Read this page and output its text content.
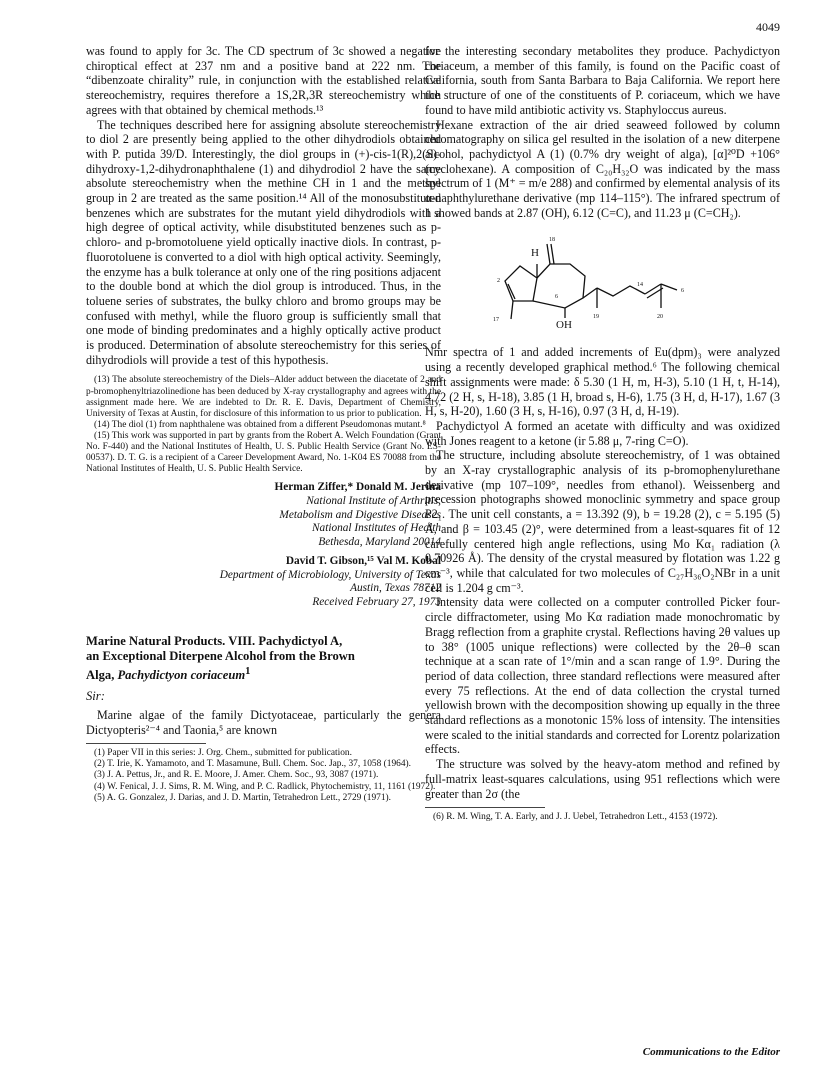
4049

was found to apply for 3c. The CD spectrum of 3c showed a negative chiroptical effect at 237 nm and a positive band at 222 nm. The “dibenzoate chirality” rule, in conjunction with the established relative stereochemistry, requires therefore a 1S,2R,3R stereochemistry which agrees with that obtained by chemical methods.¹³

The techniques described here for assigning absolute stereochemistry to diol 2 are presently being applied to the other dihydrodiols obtained with P. putida 39/D. Interestingly, the diol groups in (+)-cis-1(R),2(S)-dihydroxy-1,2-dihydronaphthalene (1) and dihydrodiol 2 have the same absolute stereochemistry when the methine CH in 1 and the methyl group in 2 are treated as the same position.¹⁴ All of the monosubstituted benzenes which are substrates for the mutant yield dihydrodiols with a high degree of optical activity, while disubstituted benzenes such as p-chloro- and p-bromotoluene yield optically inactive diols. In contrast, p-fluorotoluene is converted to a diol with high optical activity. Seemingly, the enzyme has a bulk tolerance at only one of the ring positions adjacent to the double bond at which the diol group is introduced. Thus, in the toluene series of substrates, the bulky chloro and bromo groups may be confused with methyl, while the fluoro group is sufficiently small that one mode of binding predominates and a highly optically active product is produced. Determination of absolute stereochemistry for this series of dihydrodiols will provide a test of this hypothesis.

(13) The absolute stereochemistry of the Diels–Alder adduct between the diacetate of 2 and p-bromophenyltriazolinedione has been deduced by X-ray crystallography and agrees with the assignment made here. We are indebted to Dr. R. E. Davis, Department of Chemistry, University of Texas at Austin, for disclosure of this information to us prior to publication.

(14) The diol (1) from naphthalene was obtained from a different Pseudomonas mutant.⁸

(15) This work was supported in part by grants from the Robert A. Welch Foundation (Grant No. F-440) and the National Institutes of Health, U. S. Public Health Service (Grant No. ES-00537). D. T. G. is a recipient of a Career Development Award, No. 1-K04 ES 70088 from the National Institutes of Health, U. S. Public Health Service.

Herman Ziffer,* Donald M. Jerina
National Institute of Arthritis,
Metabolism and Digestive Diseases
National Institutes of Health
Bethesda, Maryland 20014
David T. Gibson,¹⁵ Val M. Kobal
Department of Microbiology, University of Texas
Austin, Texas 78712
Received February 27, 1973
Marine Natural Products. VIII. Pachydictyol A,
an Exceptional Diterpene Alcohol from the Brown
Alga, Pachydictyon coriaceum$^1$
Sir:

Marine algae of the family Dictyotaceae, particularly the genera Dictyopteris²⁻⁴ and Taonia,⁵ are known

(1) Paper VII in this series: J. Org. Chem., submitted for publication.

(2) T. Irie, K. Yamamoto, and T. Masamune, Bull. Chem. Soc. Jap., 37, 1058 (1964).

(3) J. A. Pettus, Jr., and R. E. Moore, J. Amer. Chem. Soc., 93, 3087 (1971).

(4) W. Fenical, J. J. Sims, R. M. Wing, and P. C. Radlick, Phytochemistry, 11, 1161 (1972).

(5) A. G. Gonzalez, J. Darias, and J. D. Martin, Tetrahedron Lett., 2729 (1971).

for the interesting secondary metabolites they produce. Pachydictyon coriaceum, a member of this family, is found on the Pacific coast of California, south from Santa Barbara to Baja California. We report here the structure of one of the constituents of P. coriaceum, which we have found to have mild antibiotic activity vs. Staphyloccus aureus.

Hexane extraction of the air dried seaweed followed by column chromatography on silica gel resulted in the isolation of a new diterpene alcohol, pachydictyol A (1) (0.7% dry weight of alga), [α]²⁰D +106° (cyclohexane). A composition of C₂₀H₃₂O was indicated by the mass spectrum of 1 (M⁺ = m/e 288) and confirmed by elemental analysis of its α-naphthylurethane derivative (mp 114–115°). The infrared spectrum of 1 showed bands at 2.87 (OH), 6.12 (C=C), and 11.23 μ (C=CH₂).

H
18
2
6
14
6
17	OH
19	20

Nmr spectra of 1 and added increments of Eu(dpm)₃ were analyzed using a recently developed graphical method.⁶ The following chemical shift assignments were made: δ 5.30 (1 H, m, H-3), 5.10 (1 H, t, H-14), 4.72 (2 H, s, H-18), 3.85 (1 H, broad s, H-6), 1.75 (3 H, d, H-17), 1.67 (3 H, s, H-20), 1.60 (3 H, s, H-16), 0.97 (3 H, d, H-19).

Pachydictyol A formed an acetate with difficulty and was oxidized with Jones reagent to a ketone (ir 5.88 μ, 7-ring C=O).

The structure, including absolute stereochemistry, of 1 was obtained by an X-ray crystallographic analysis of its p-bromophenylurethane derivative (mp 107–109°, needles from ethanol). Weissenberg and precession photographs showed monoclinic symmetry and space group P2₁. The unit cell constants, a = 13.392 (9), b = 19.28 (2), c = 5.195 (5) Å, and β = 103.45 (2)°, were determined from a least-squares fit of 12 carefully centered high angle reflections, using Mo Kα₁ radiation (λ 0.70926 Å). The density of the crystal measured by flotation was 1.22 g cm⁻³, while that calculated for two molecules of C₂₇H₃₆O₂NBr in a unit cell is 1.204 g cm⁻³.

Intensity data were collected on a computer controlled Picker four-circle diffractometer, using Mo Kα radiation made monochromatic by Bragg reflection from a graphite crystal. Reflections having 2θ values up to 38° (1005 unique reflections) were collected by the 2θ–θ scan technique at a scan rate of 1°/min and a scan range of 1.9°. During the period of data collection, three standard reflections were measured after every 75 reflections. At the end of data collection the crystal turned yellowish brown with the decomposition showing up equally in the three standard reflections as a monotonic 15% loss of intensity. The intensities were scaled to the initial standards and corrected for Lorentz polarization effects.

The structure was solved by the heavy-atom method and refined by full-matrix least-squares calculations, using 951 reflections which were greater than 2σ (the

(6) R. M. Wing, T. A. Early, and J. J. Uebel, Tetrahedron Lett., 4153 (1972).

Communications to the Editor
